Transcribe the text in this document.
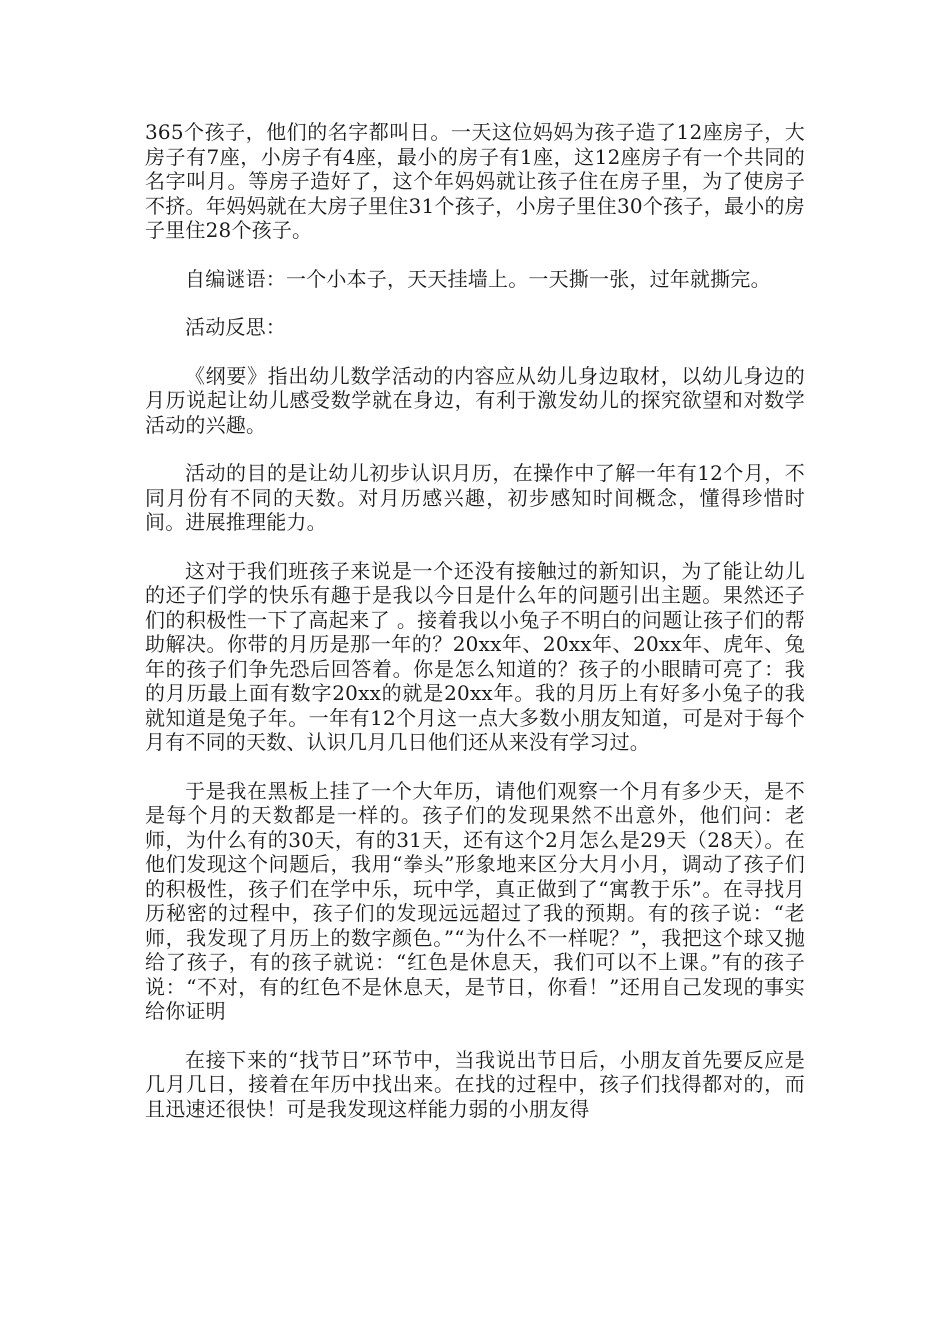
365个孩子，他们的名字都叫日。一天这位妈妈为孩子造了12座房子，大房子有7座，小房子有4座，最小的房子有1座，这12座房子有一个共同的名字叫月。等房子造好了，这个年妈妈就让孩子住在房子里，为了使房子不挤。年妈妈就在大房子里住31个孩子，小房子里住30个孩子，最小的房子里住28个孩子。

自编谜语：一个小本子，天天挂墙上。一天撕一张，过年就撕完。

活动反思：

《纲要》指出幼儿数学活动的内容应从幼儿身边取材，以幼儿身边的月历说起让幼儿感受数学就在身边，有利于激发幼儿的探究欲望和对数学活动的兴趣。

活动的目的是让幼儿初步认识月历，在操作中了解一年有12个月，不同月份有不同的天数。对月历感兴趣，初步感知时间概念，懂得珍惜时间。进展推理能力。

这对于我们班孩子来说是一个还没有接触过的新知识，为了能让幼儿的还子们学的快乐有趣于是我以今日是什么年的问题引出主题。果然还子们的积极性一下了高起来了 。接着我以小兔子不明白的问题让孩子们的帮助解决。你带的月历是那一年的？20xx年、20xx年、20xx年、虎年、兔年的孩子们争先恐后回答着。你是怎么知道的？孩子的小眼睛可亮了：我的月历最上面有数字20xx的就是20xx年。我的月历上有好多小兔子的我就知道是兔子年。一年有12个月这一点大多数小朋友知道，可是对于每个月有不同的天数、认识几月几日他们还从来没有学习过。

于是我在黑板上挂了一个大年历，请他们观察一个月有多少天，是不是每个月的天数都是一样的。孩子们的发现果然不出意外，他们问：老师，为什么有的30天，有的31天，还有这个2月怎么是29天（28天）。在他们发现这个问题后，我用“拳头”形象地来区分大月小月，调动了孩子们的积极性，孩子们在学中乐，玩中学，真正做到了“寓教于乐”。在寻找月历秘密的过程中，孩子们的发现远远超过了我的预期。有的孩子说：“老师，我发现了月历上的数字颜色。”“为什么不一样呢？”，我把这个球又抛给了孩子，有的孩子就说：“红色是休息天，我们可以不上课。”有的孩子说：“不对，有的红色不是休息天，是节日，你看！”还用自己发现的事实给你证明

在接下来的“找节日”环节中，当我说出节日后，小朋友首先要反应是几月几日，接着在年历中找出来。在找的过程中，孩子们找得都对的，而且迅速还很快！可是我发现这样能力弱的小朋友得
